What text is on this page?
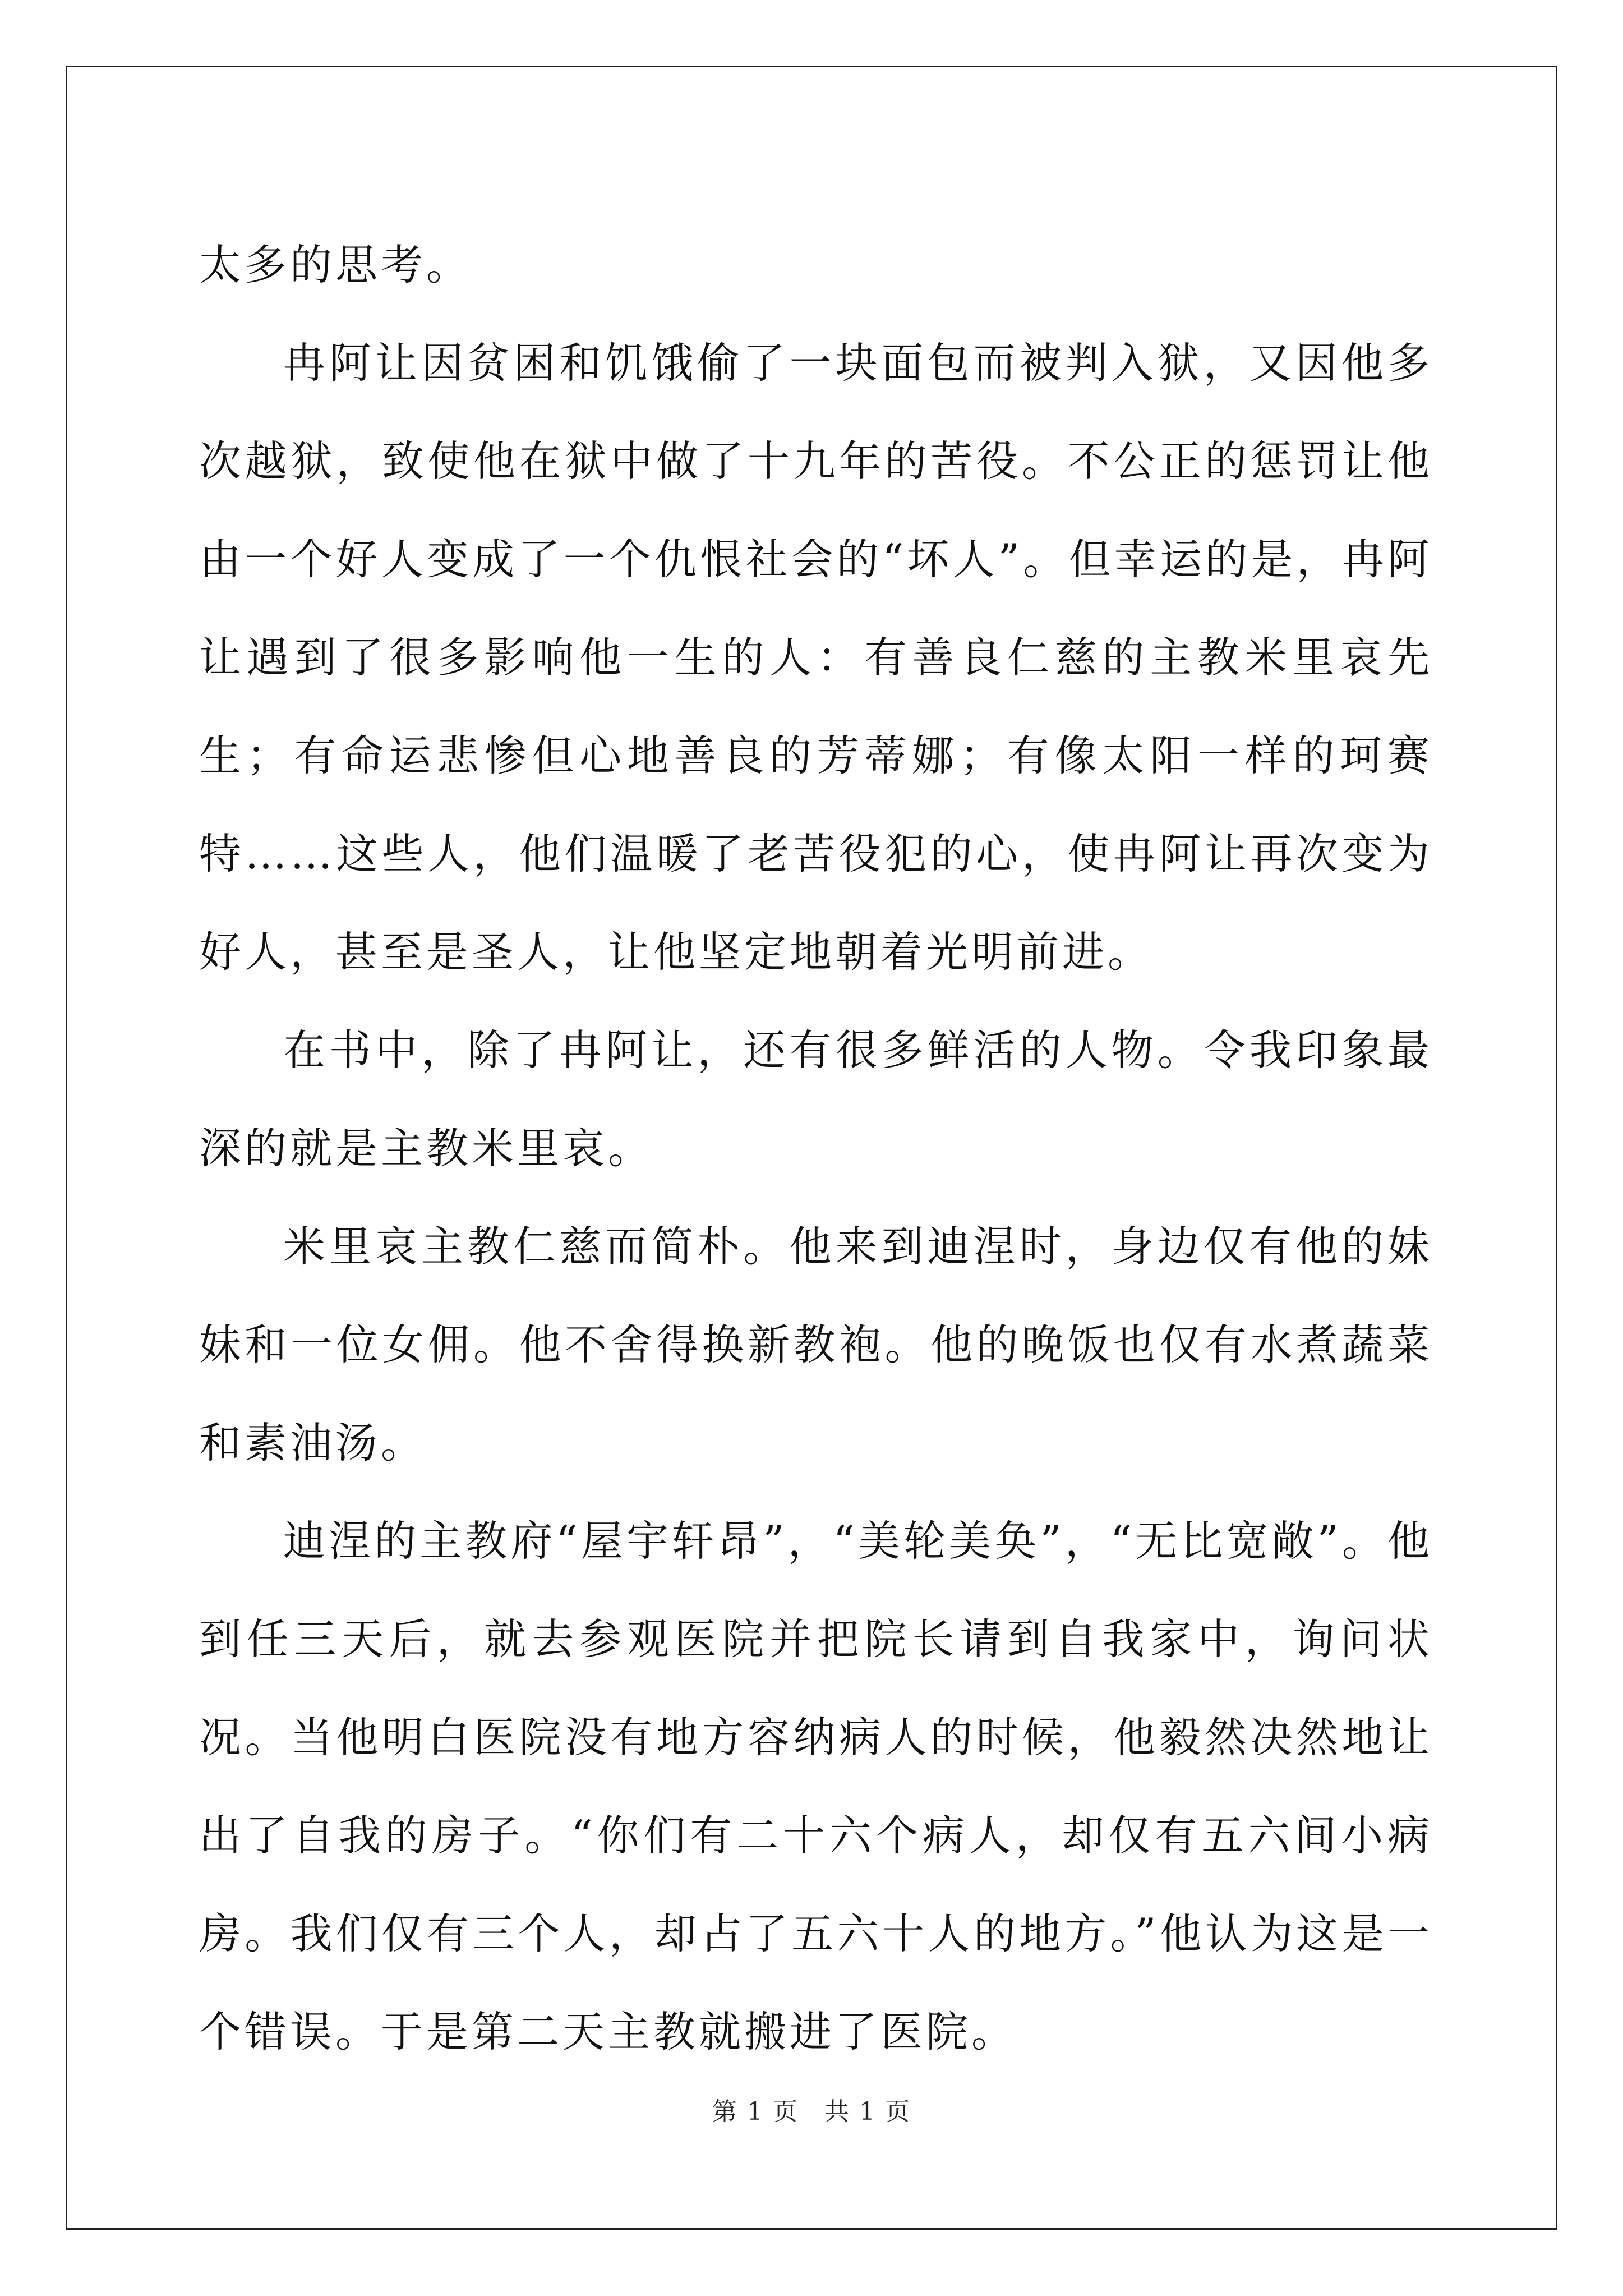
太多的思考。

冉阿让因贫困和饥饿偷了一块面包而被判入狱，又因他多次越狱，致使他在狱中做了十九年的苦役。不公正的惩罚让他由一个好人变成了一个仇恨社会的“坏人”。但幸运的是，冉阿让遇到了很多影响他一生的人：有善良仁慈的主教米里哀先生；有命运悲惨但心地善良的芳蒂娜；有像太阳一样的珂赛特……这些人，他们温暖了老苦役犯的心，使冉阿让再次变为好人，甚至是圣人，让他坚定地朝着光明前进。

在书中，除了冉阿让，还有很多鲜活的人物。令我印象最深的就是主教米里哀。

米里哀主教仁慈而简朴。他来到迪涅时，身边仅有他的妹妹和一位女佣。他不舍得换新教袍。他的晚饭也仅有水煮蔬菜和素油汤。

迪涅的主教府“屋宇轩昂”，“美轮美奂”，“无比宽敞”。他到任三天后，就去参观医院并把院长请到自我家中，询问状况。当他明白医院没有地方容纳病人的时候，他毅然决然地让出了自我的房子。“你们有二十六个病人，却仅有五六间小病房。我们仅有三个人，却占了五六十人的地方。”他认为这是一个错误。于是第二天主教就搬进了医院。

第 1 页　共 1 页
